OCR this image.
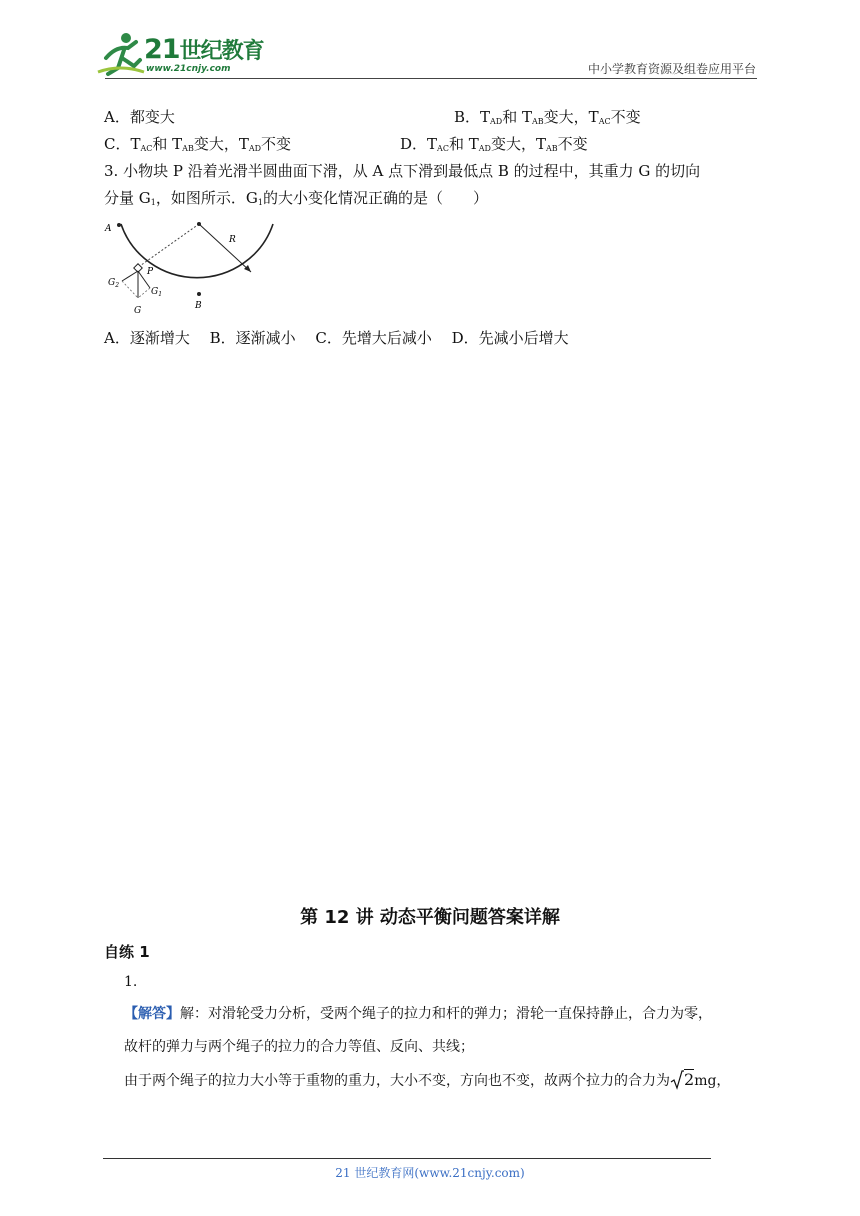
21世纪教育
www.21cnjy.com	中小学教育资源及组卷应用平台
A．都变大	B．$T_{AD}$和 $T_{AB}$变大，$T_{AC}$不变
C．$T_{AC}$和 $T_{AB}$变大，$T_{AD}$不变	D．$T_{AC}$和 $T_{AD}$变大，$T_{AB}$不变
3. 小物块 P 沿着光滑半圆曲面下滑，从 A 点下滑到最低点 B 的过程中，其重力 G 的切向
分量 $G_1$，如图所示．$G_1$的大小变化情况正确的是（　　）
A
R
P
B
G
$G_1$
$G_2$
A．逐渐增大　 B．逐渐减小　 C．先增大后减小　 D．先减小后增大
第 12 讲 动态平衡问题答案详解
自练 1
1.
【解答】解：对滑轮受力分析，受两个绳子的拉力和杆的弹力；滑轮一直保持静止，合力为零，
故杆的弹力与两个绳子的拉力的合力等值、反向、共线；
由于两个绳子的拉力大小等于重物的重力，大小不变，方向也不变，故两个拉力的合力为 2mg，
21 世纪教育网(www.21cnjy.com)
